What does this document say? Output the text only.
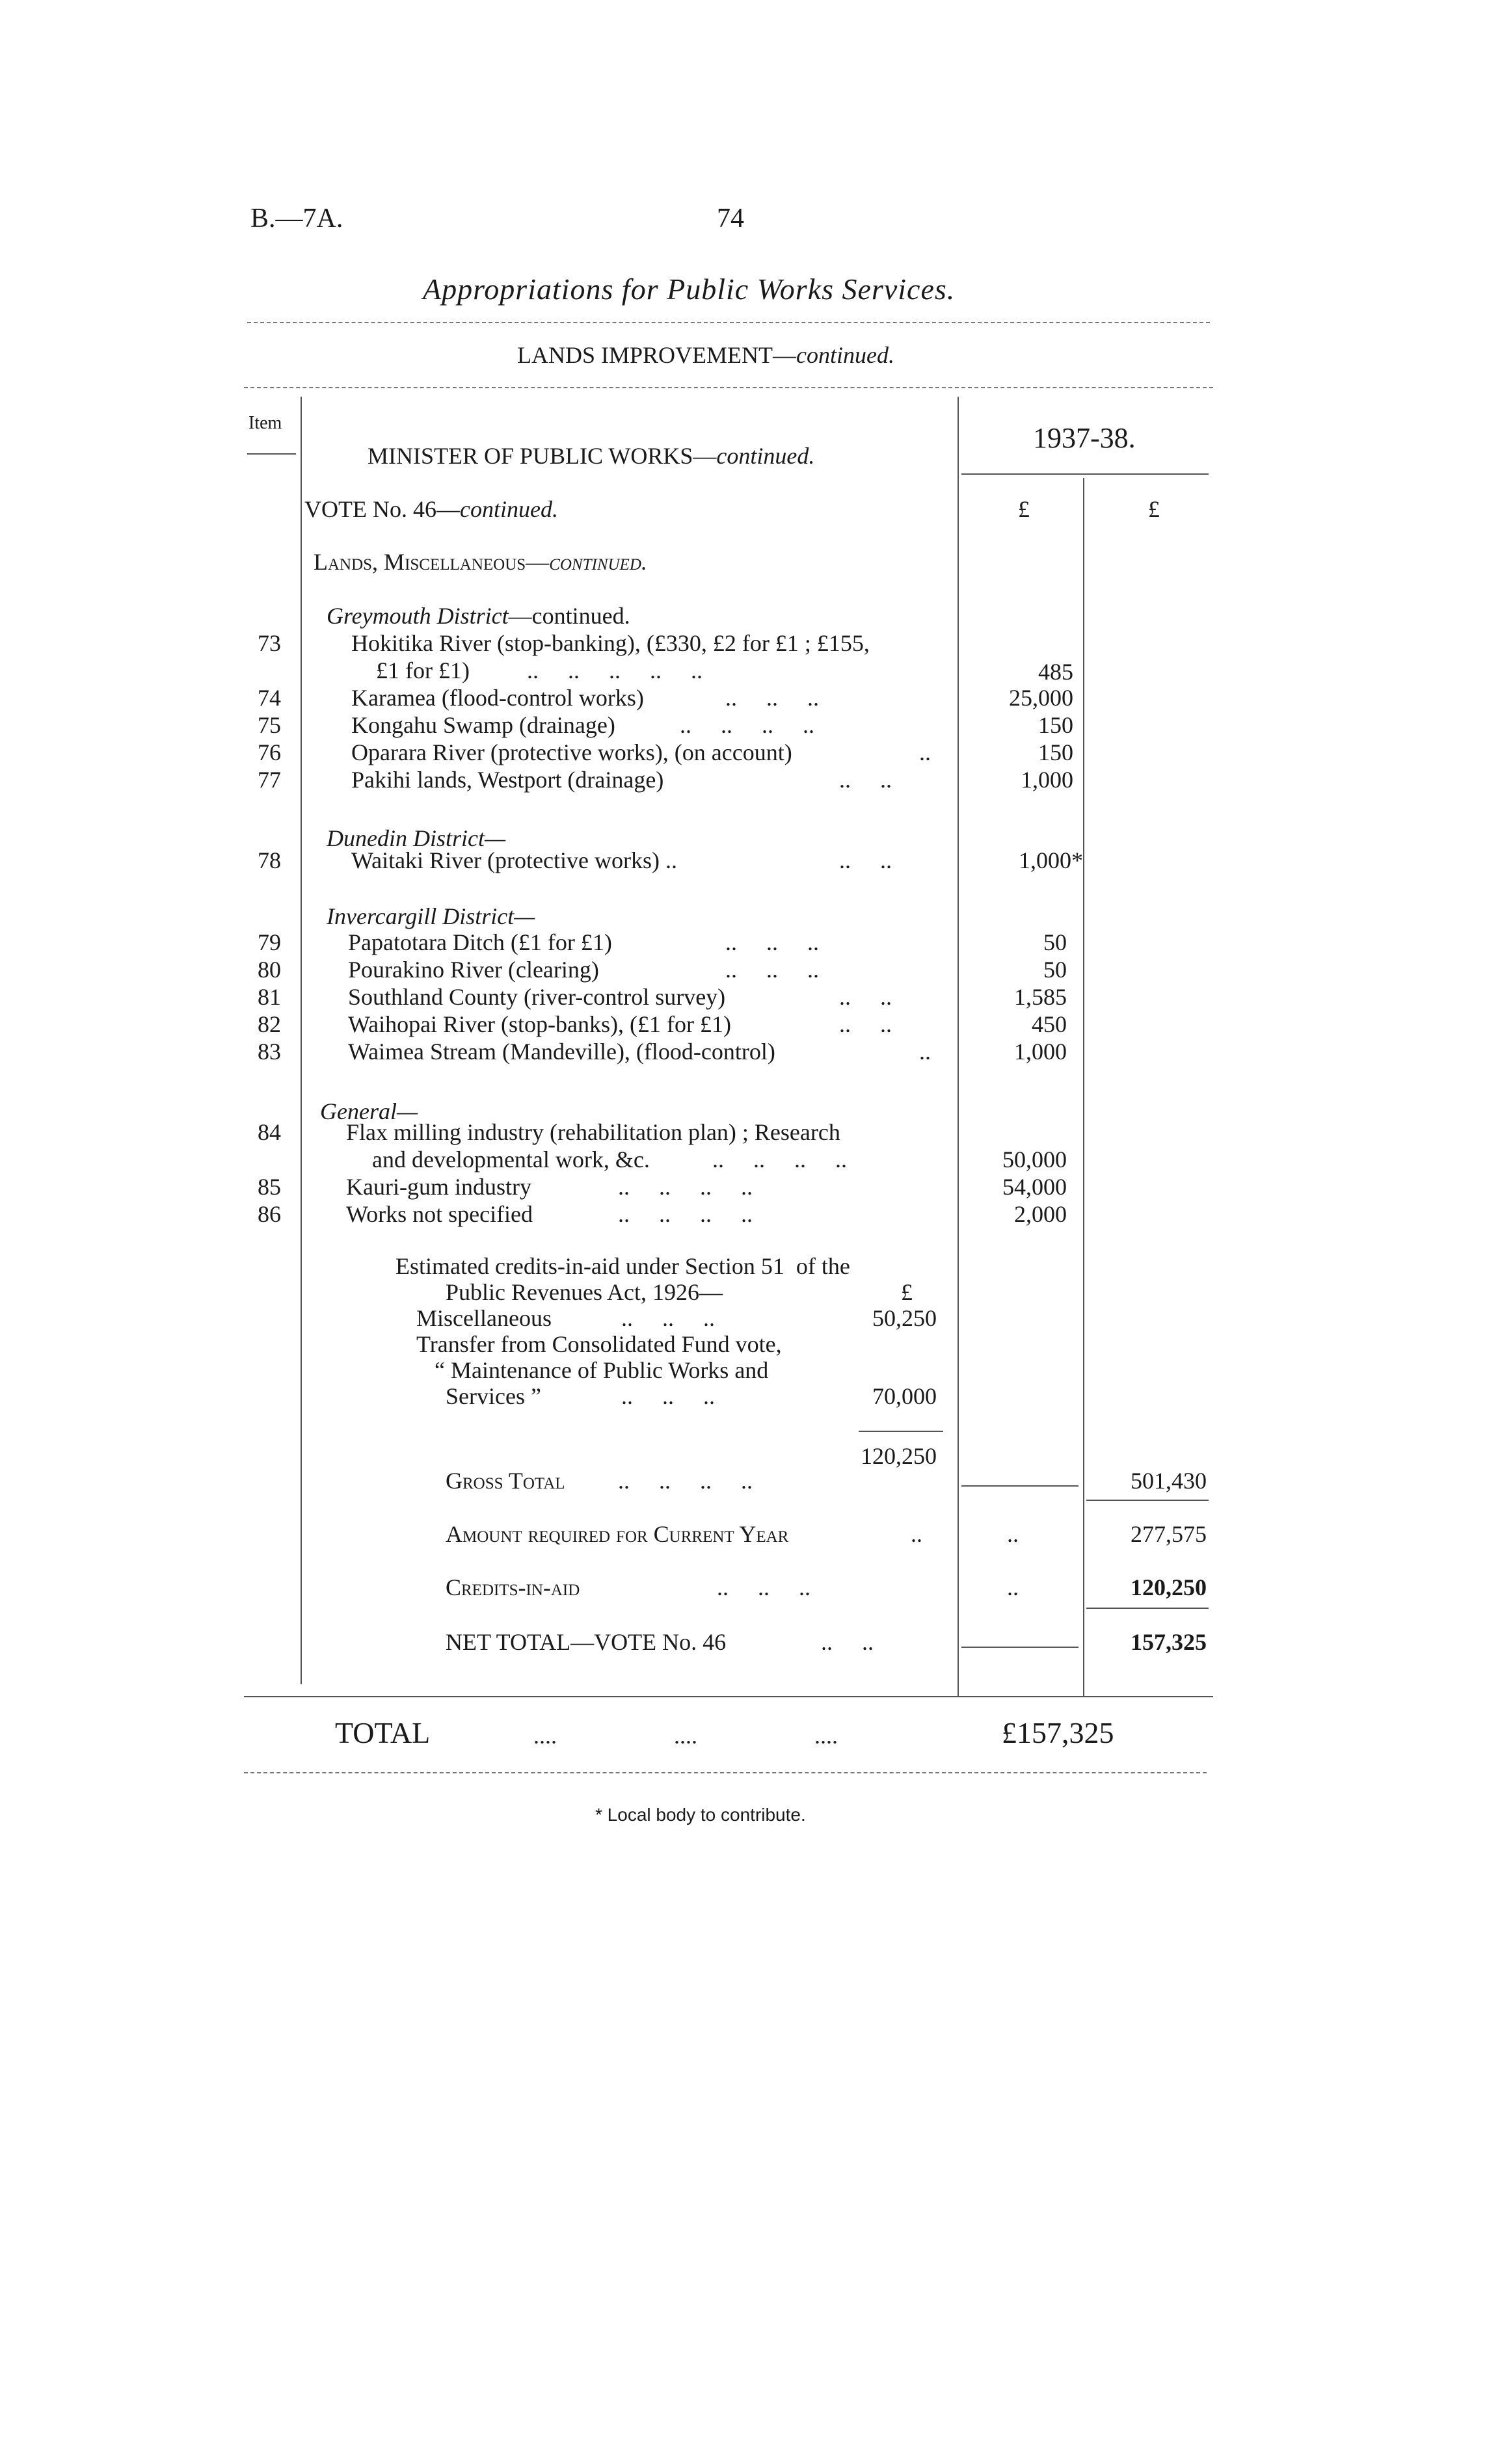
B.—7A.	74
Appropriations for Public Works Services.
LANDS IMPROVEMENT—continued.
Item
MINISTER OF PUBLIC WORKS—continued.
1937-38.
£	£
VOTE No. 46—continued.
Lands, Miscellaneous—continued.
Greymouth District—continued.
73	Hokitika River (stop-banking), (£330, £2 for £1 ; £155,
£1 for £1) ..     ..     ..     ..     ..	485
74	Karamea (flood-control works)	..     ..     ..	25,000
75	Kongahu Swamp (drainage)	..     ..     ..     ..	150
76	Oparara River (protective works), (on account)	..	150
77	Pakihi lands, Westport (drainage)	..     ..	1,000
Dunedin District—
78	Waitaki River (protective works) ..	..     ..	1,000*
Invercargill District—
79	Papatotara Ditch (£1 for £1)	..     ..     ..	50
80	Pourakino River (clearing)	..     ..     ..	50
81	Southland County (river-control survey)	..     ..	1,585
82	Waihopai River (stop-banks), (£1 for £1)	..     ..	450
83	Waimea Stream (Mandeville), (flood-control)	..	1,000
General—
84	Flax milling industry (rehabilitation plan) ; Research
and developmental work, &c.	..     ..     ..     ..	50,000
85	Kauri-gum industry	..     ..     ..     ..	54,000
86	Works not specified	..     ..     ..     ..	2,000
Estimated credits-in-aid under Section 51  of the
Public Revenues Act, 1926—	£
Miscellaneous	..     ..     ..	50,250
Transfer from Consolidated Fund vote,
“ Maintenance of Public Works and
Services ”	..     ..     ..	70,000
120,250
Gross Total ..     ..     ..     ..	501,430
Amount required for Current Year	..	..	277,575
Credits-in-aid	..     ..     ..	..	120,250
NET TOTAL—VOTE No. 46	..     ..	157,325
TOTAL	....                    ....                    ....	£157,325
* Local body to contribute.
